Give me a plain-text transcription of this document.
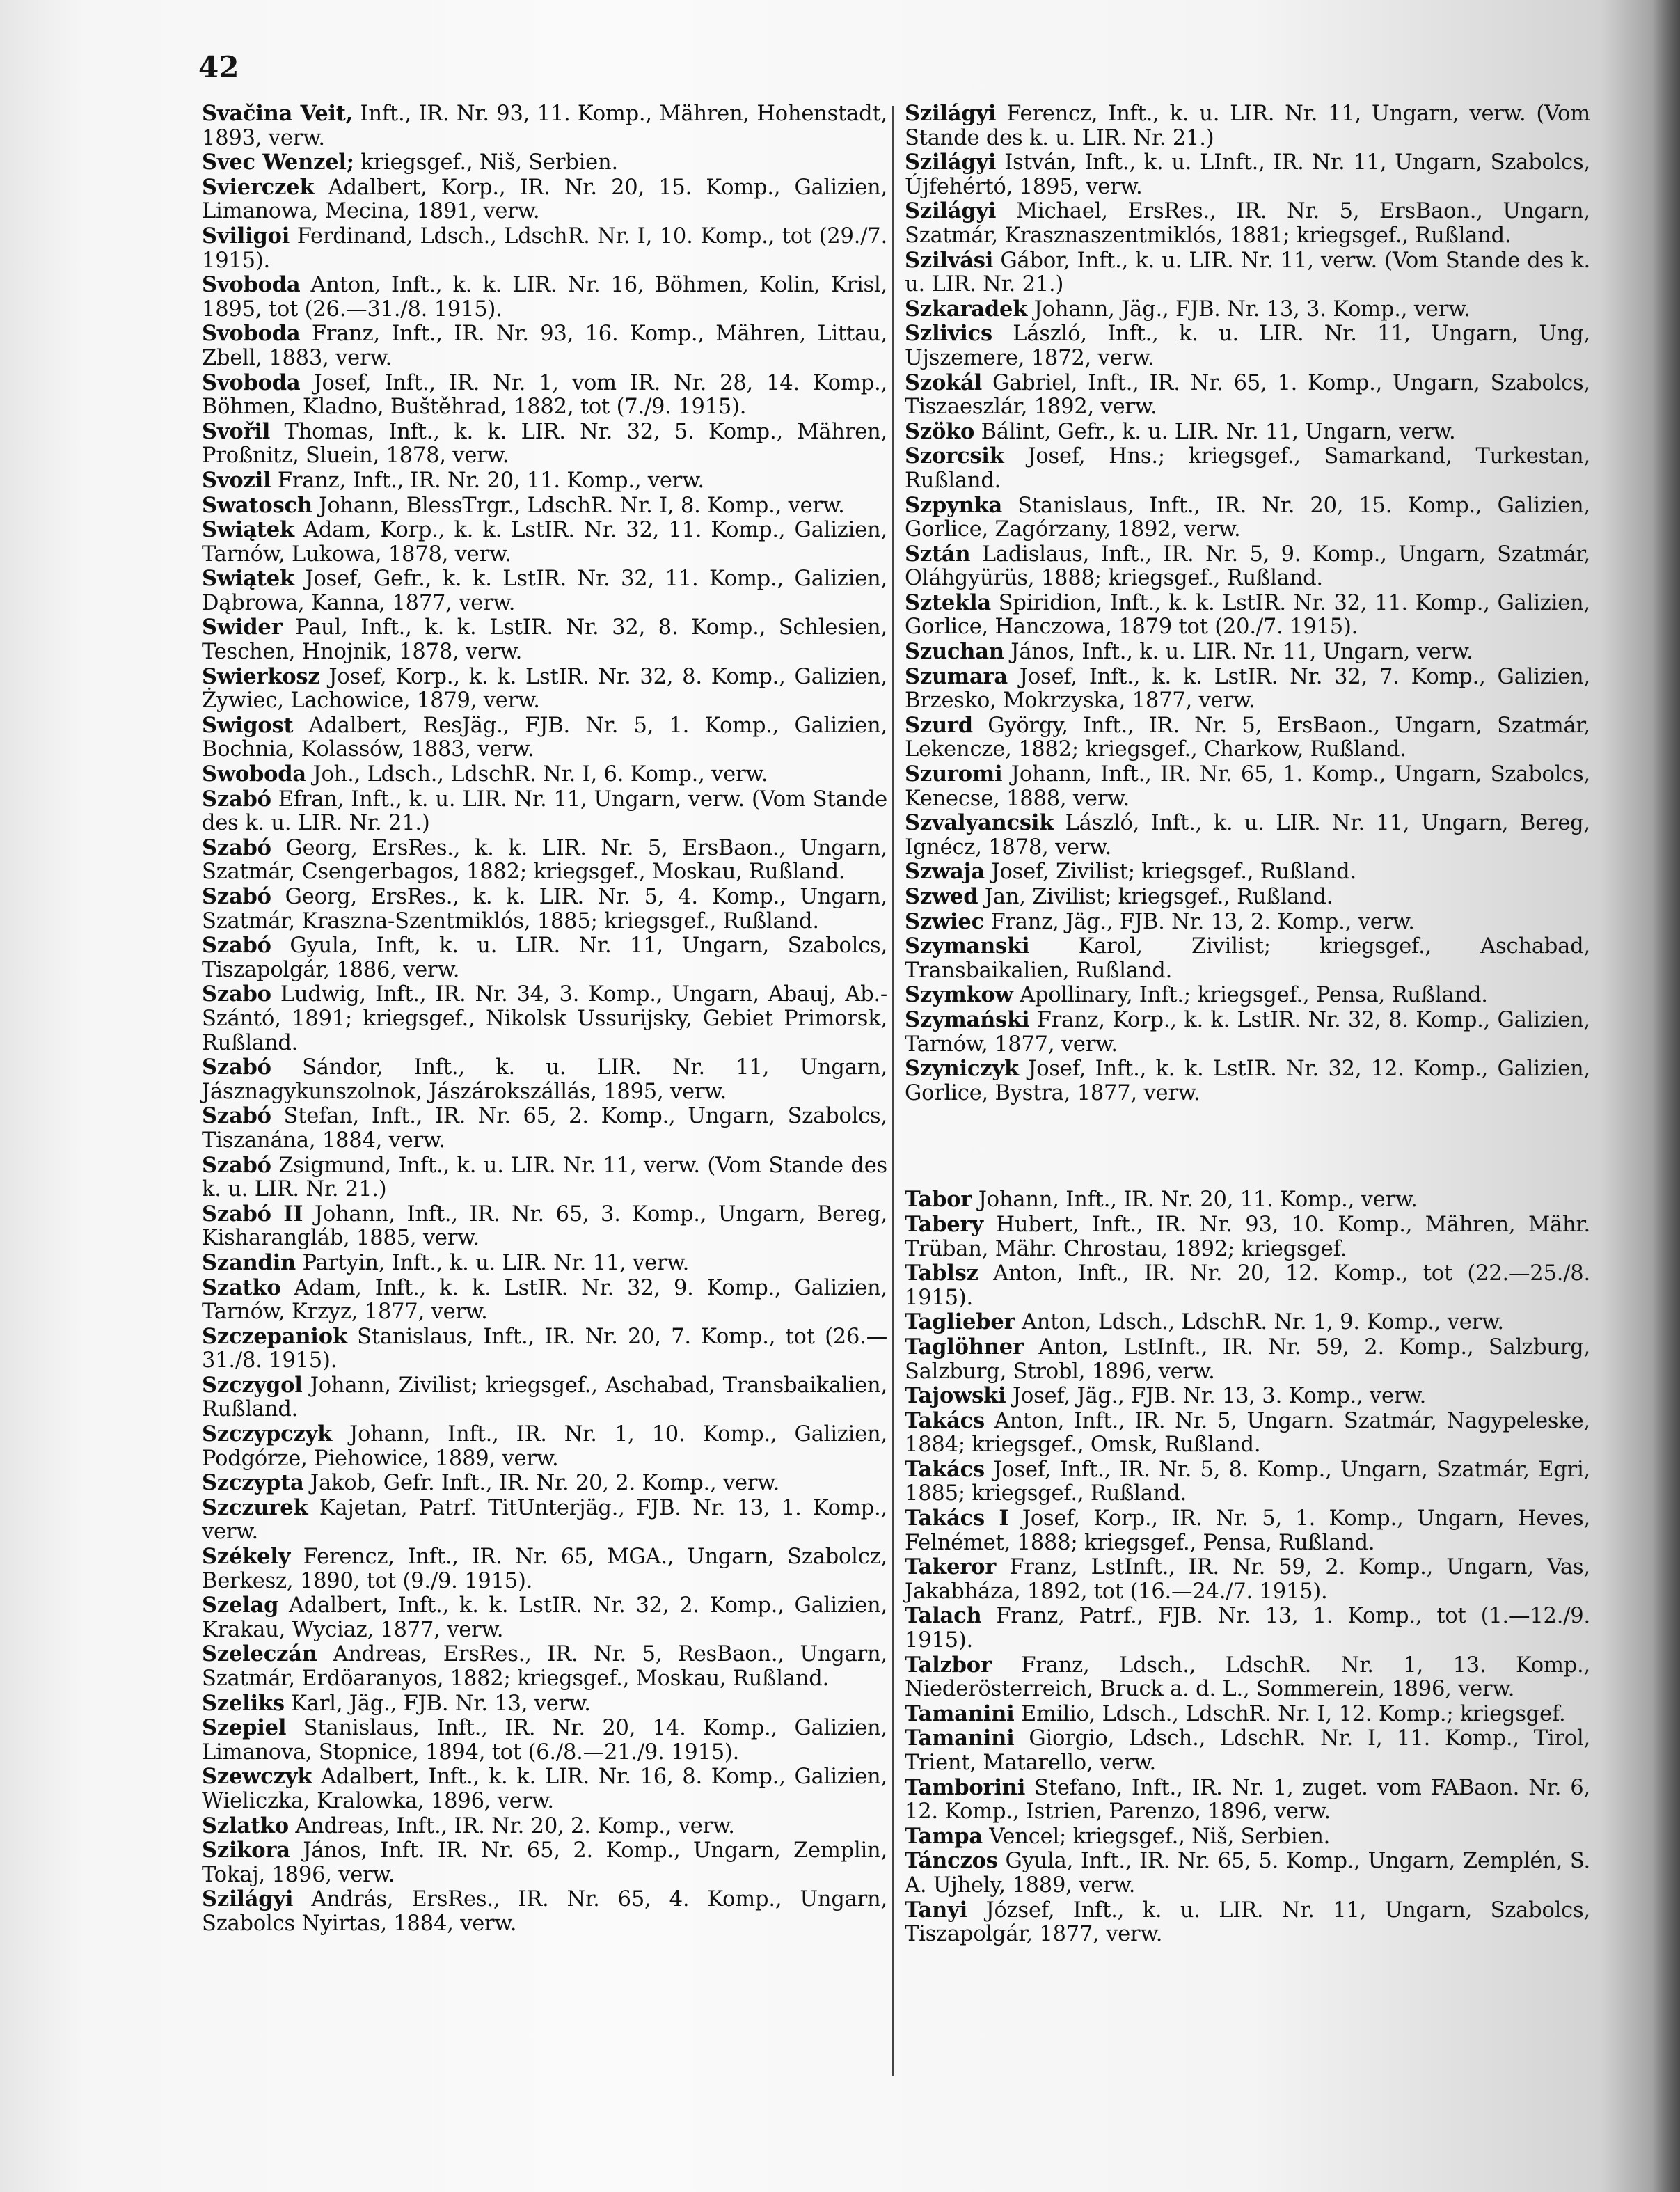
42
Svačina Veit, Inft., IR. Nr. 93, 11. Komp., Mähren, Hohenstadt, 1893, verw.
Svec Wenzel; kriegsgef., Niš, Serbien.
Svierczek Adalbert, Korp., IR. Nr. 20, 15. Komp., Galizien, Limanowa, Mecina, 1891, verw.
Sviligoi Ferdinand, Ldsch., LdschR. Nr. I, 10. Komp., tot (29./7. 1915).
Svoboda Anton, Inft., k. k. LIR. Nr. 16, Böhmen, Kolin, Krisl, 1895, tot (26.—31./8. 1915).
Svoboda Franz, Inft., IR. Nr. 93, 16. Komp., Mähren, Littau, Zbell, 1883, verw.
Svoboda Josef, Inft., IR. Nr. 1, vom IR. Nr. 28, 14. Komp., Böhmen, Kladno, Buštěhrad, 1882, tot (7./9. 1915).
Svořil Thomas, Inft., k. k. LIR. Nr. 32, 5. Komp., Mähren, Proßnitz, Sluein, 1878, verw.
Svozil Franz, Inft., IR. Nr. 20, 11. Komp., verw.
Swatosch Johann, BlessTrgr., LdschR. Nr. I, 8. Komp., verw.
Swiątek Adam, Korp., k. k. LstIR. Nr. 32, 11. Komp., Galizien, Tarnów, Lukowa, 1878, verw.
Swiątek Josef, Gefr., k. k. LstIR. Nr. 32, 11. Komp., Galizien, Dąbrowa, Kanna, 1877, verw.
Swider Paul, Inft., k. k. LstIR. Nr. 32, 8. Komp., Schlesien, Teschen, Hnojnik, 1878, verw.
Swierkosz Josef, Korp., k. k. LstIR. Nr. 32, 8. Komp., Galizien, Żywiec, Lachowice, 1879, verw.
Swigost Adalbert, ResJäg., FJB. Nr. 5, 1. Komp., Galizien, Bochnia, Kolassów, 1883, verw.
Swoboda Joh., Ldsch., LdschR. Nr. I, 6. Komp., verw.
Szabó Efran, Inft., k. u. LIR. Nr. 11, Ungarn, verw. (Vom Stande des k. u. LIR. Nr. 21.)
Szabó Georg, ErsRes., k. k. LIR. Nr. 5, ErsBaon., Ungarn, Szatmár, Csengerbagos, 1882; kriegsgef., Moskau, Rußland.
Szabó Georg, ErsRes., k. k. LIR. Nr. 5, 4. Komp., Ungarn, Szatmár, Kraszna-Szentmiklós, 1885; kriegsgef., Rußland.
Szabó Gyula, Inft, k. u. LIR. Nr. 11, Ungarn, Szabolcs, Tiszapolgár, 1886, verw.
Szabo Ludwig, Inft., IR. Nr. 34, 3. Komp., Ungarn, Abauj, Ab.-Szántó, 1891; kriegsgef., Nikolsk Ussurijsky, Gebiet Primorsk, Rußland.
Szabó Sándor, Inft., k. u. LIR. Nr. 11, Ungarn, Jásznagykunszolnok, Jászárokszállás, 1895, verw.
Szabó Stefan, Inft., IR. Nr. 65, 2. Komp., Ungarn, Szabolcs, Tiszanána, 1884, verw.
Szabó Zsigmund, Inft., k. u. LIR. Nr. 11, verw. (Vom Stande des k. u. LIR. Nr. 21.)
Szabó II Johann, Inft., IR. Nr. 65, 3. Komp., Ungarn, Bereg, Kisharangláb, 1885, verw.
Szandin Partyin, Inft., k. u. LIR. Nr. 11, verw.
Szatko Adam, Inft., k. k. LstIR. Nr. 32, 9. Komp., Galizien, Tarnów, Krzyz, 1877, verw.
Szczepaniok Stanislaus, Inft., IR. Nr. 20, 7. Komp., tot (26.—31./8. 1915).
Szczygol Johann, Zivilist; kriegsgef., Aschabad, Transbaikalien, Rußland.
Szczypczyk Johann, Inft., IR. Nr. 1, 10. Komp., Galizien, Podgórze, Piehowice, 1889, verw.
Szczypta Jakob, Gefr. Inft., IR. Nr. 20, 2. Komp., verw.
Szczurek Kajetan, Patrf. TitUnterjäg., FJB. Nr. 13, 1. Komp., verw.
Székely Ferencz, Inft., IR. Nr. 65, MGA., Ungarn, Szabolcz, Berkesz, 1890, tot (9./9. 1915).
Szelag Adalbert, Inft., k. k. LstIR. Nr. 32, 2. Komp., Galizien, Krakau, Wyciaz, 1877, verw.
Szeleczán Andreas, ErsRes., IR. Nr. 5, ResBaon., Ungarn, Szatmár, Erdöaranyos, 1882; kriegsgef., Moskau, Rußland.
Szeliks Karl, Jäg., FJB. Nr. 13, verw.
Szepiel Stanislaus, Inft., IR. Nr. 20, 14. Komp., Galizien, Limanova, Stopnice, 1894, tot (6./8.—21./9. 1915).
Szewczyk Adalbert, Inft., k. k. LIR. Nr. 16, 8. Komp., Galizien, Wieliczka, Kralowka, 1896, verw.
Szlatko Andreas, Inft., IR. Nr. 20, 2. Komp., verw.
Szikora János, Inft. IR. Nr. 65, 2. Komp., Ungarn, Zemplin, Tokaj, 1896, verw.
Szilágyi András, ErsRes., IR. Nr. 65, 4. Komp., Ungarn, Szabolcs Nyirtas, 1884, verw.
Szilágyi Ferencz, Inft., k. u. LIR. Nr. 11, Ungarn, verw. (Vom Stande des k. u. LIR. Nr. 21.)
Szilágyi István, Inft., k. u. LInft., IR. Nr. 11, Ungarn, Szabolcs, Újfehértó, 1895, verw.
Szilágyi Michael, ErsRes., IR. Nr. 5, ErsBaon., Ungarn, Szatmár, Krasznaszentmiklós, 1881; kriegsgef., Rußland.
Szilvási Gábor, Inft., k. u. LIR. Nr. 11, verw. (Vom Stande des k. u. LIR. Nr. 21.)
Szkaradek Johann, Jäg., FJB. Nr. 13, 3. Komp., verw.
Szlivics László, Inft., k. u. LIR. Nr. 11, Ungarn, Ung, Ujszemere, 1872, verw.
Szokál Gabriel, Inft., IR. Nr. 65, 1. Komp., Ungarn, Szabolcs, Tiszaeszlár, 1892, verw.
Szöko Bálint, Gefr., k. u. LIR. Nr. 11, Ungarn, verw.
Szorcsik Josef, Hns.; kriegsgef., Samarkand, Turkestan, Rußland.
Szpynka Stanislaus, Inft., IR. Nr. 20, 15. Komp., Galizien, Gorlice, Zagórzany, 1892, verw.
Sztán Ladislaus, Inft., IR. Nr. 5, 9. Komp., Ungarn, Szatmár, Oláhgyürüs, 1888; kriegsgef., Rußland.
Sztekla Spiridion, Inft., k. k. LstIR. Nr. 32, 11. Komp., Galizien, Gorlice, Hanczowa, 1879 tot (20./7. 1915).
Szuchan János, Inft., k. u. LIR. Nr. 11, Ungarn, verw.
Szumara Josef, Inft., k. k. LstIR. Nr. 32, 7. Komp., Galizien, Brzesko, Mokrzyska, 1877, verw.
Szurd György, Inft., IR. Nr. 5, ErsBaon., Ungarn, Szatmár, Lekencze, 1882; kriegsgef., Charkow, Rußland.
Szuromi Johann, Inft., IR. Nr. 65, 1. Komp., Ungarn, Szabolcs, Kenecse, 1888, verw.
Szvalyancsik László, Inft., k. u. LIR. Nr. 11, Ungarn, Bereg, Ignécz, 1878, verw.
Szwaja Josef, Zivilist; kriegsgef., Rußland.
Szwed Jan, Zivilist; kriegsgef., Rußland.
Szwiec Franz, Jäg., FJB. Nr. 13, 2. Komp., verw.
Szymanski Karol, Zivilist; kriegsgef., Aschabad, Transbaikalien, Rußland.
Szymkow Apollinary, Inft.; kriegsgef., Pensa, Rußland.
Szymański Franz, Korp., k. k. LstIR. Nr. 32, 8. Komp., Galizien, Tarnów, 1877, verw.
Szyniczyk Josef, Inft., k. k. LstIR. Nr. 32, 12. Komp., Galizien, Gorlice, Bystra, 1877, verw.
Tabor Johann, Inft., IR. Nr. 20, 11. Komp., verw.
Tabery Hubert, Inft., IR. Nr. 93, 10. Komp., Mähren, Mähr. Trüban, Mähr. Chrostau, 1892; kriegsgef.
Tablsz Anton, Inft., IR. Nr. 20, 12. Komp., tot (22.—25./8. 1915).
Taglieber Anton, Ldsch., LdschR. Nr. 1, 9. Komp., verw.
Taglöhner Anton, LstInft., IR. Nr. 59, 2. Komp., Salzburg, Salzburg, Strobl, 1896, verw.
Tajowski Josef, Jäg., FJB. Nr. 13, 3. Komp., verw.
Takács Anton, Inft., IR. Nr. 5, Ungarn. Szatmár, Nagypeleske, 1884; kriegsgef., Omsk, Rußland.
Takács Josef, Inft., IR. Nr. 5, 8. Komp., Ungarn, Szatmár, Egri, 1885; kriegsgef., Rußland.
Takács I Josef, Korp., IR. Nr. 5, 1. Komp., Ungarn, Heves, Felnémet, 1888; kriegsgef., Pensa, Rußland.
Takeror Franz, LstInft., IR. Nr. 59, 2. Komp., Ungarn, Vas, Jakabháza, 1892, tot (16.—24./7. 1915).
Talach Franz, Patrf., FJB. Nr. 13, 1. Komp., tot (1.—12./9. 1915).
Talzbor Franz, Ldsch., LdschR. Nr. 1, 13. Komp., Niederösterreich, Bruck a. d. L., Sommerein, 1896, verw.
Tamanini Emilio, Ldsch., LdschR. Nr. I, 12. Komp.; kriegsgef.
Tamanini Giorgio, Ldsch., LdschR. Nr. I, 11. Komp., Tirol, Trient, Matarello, verw.
Tamborini Stefano, Inft., IR. Nr. 1, zuget. vom FABaon. Nr. 6, 12. Komp., Istrien, Parenzo, 1896, verw.
Tampa Vencel; kriegsgef., Niš, Serbien.
Tánczos Gyula, Inft., IR. Nr. 65, 5. Komp., Ungarn, Zemplén, S. A. Ujhely, 1889, verw.
Tanyi József, Inft., k. u. LIR. Nr. 11, Ungarn, Szabolcs, Tiszapolgár, 1877, verw.
